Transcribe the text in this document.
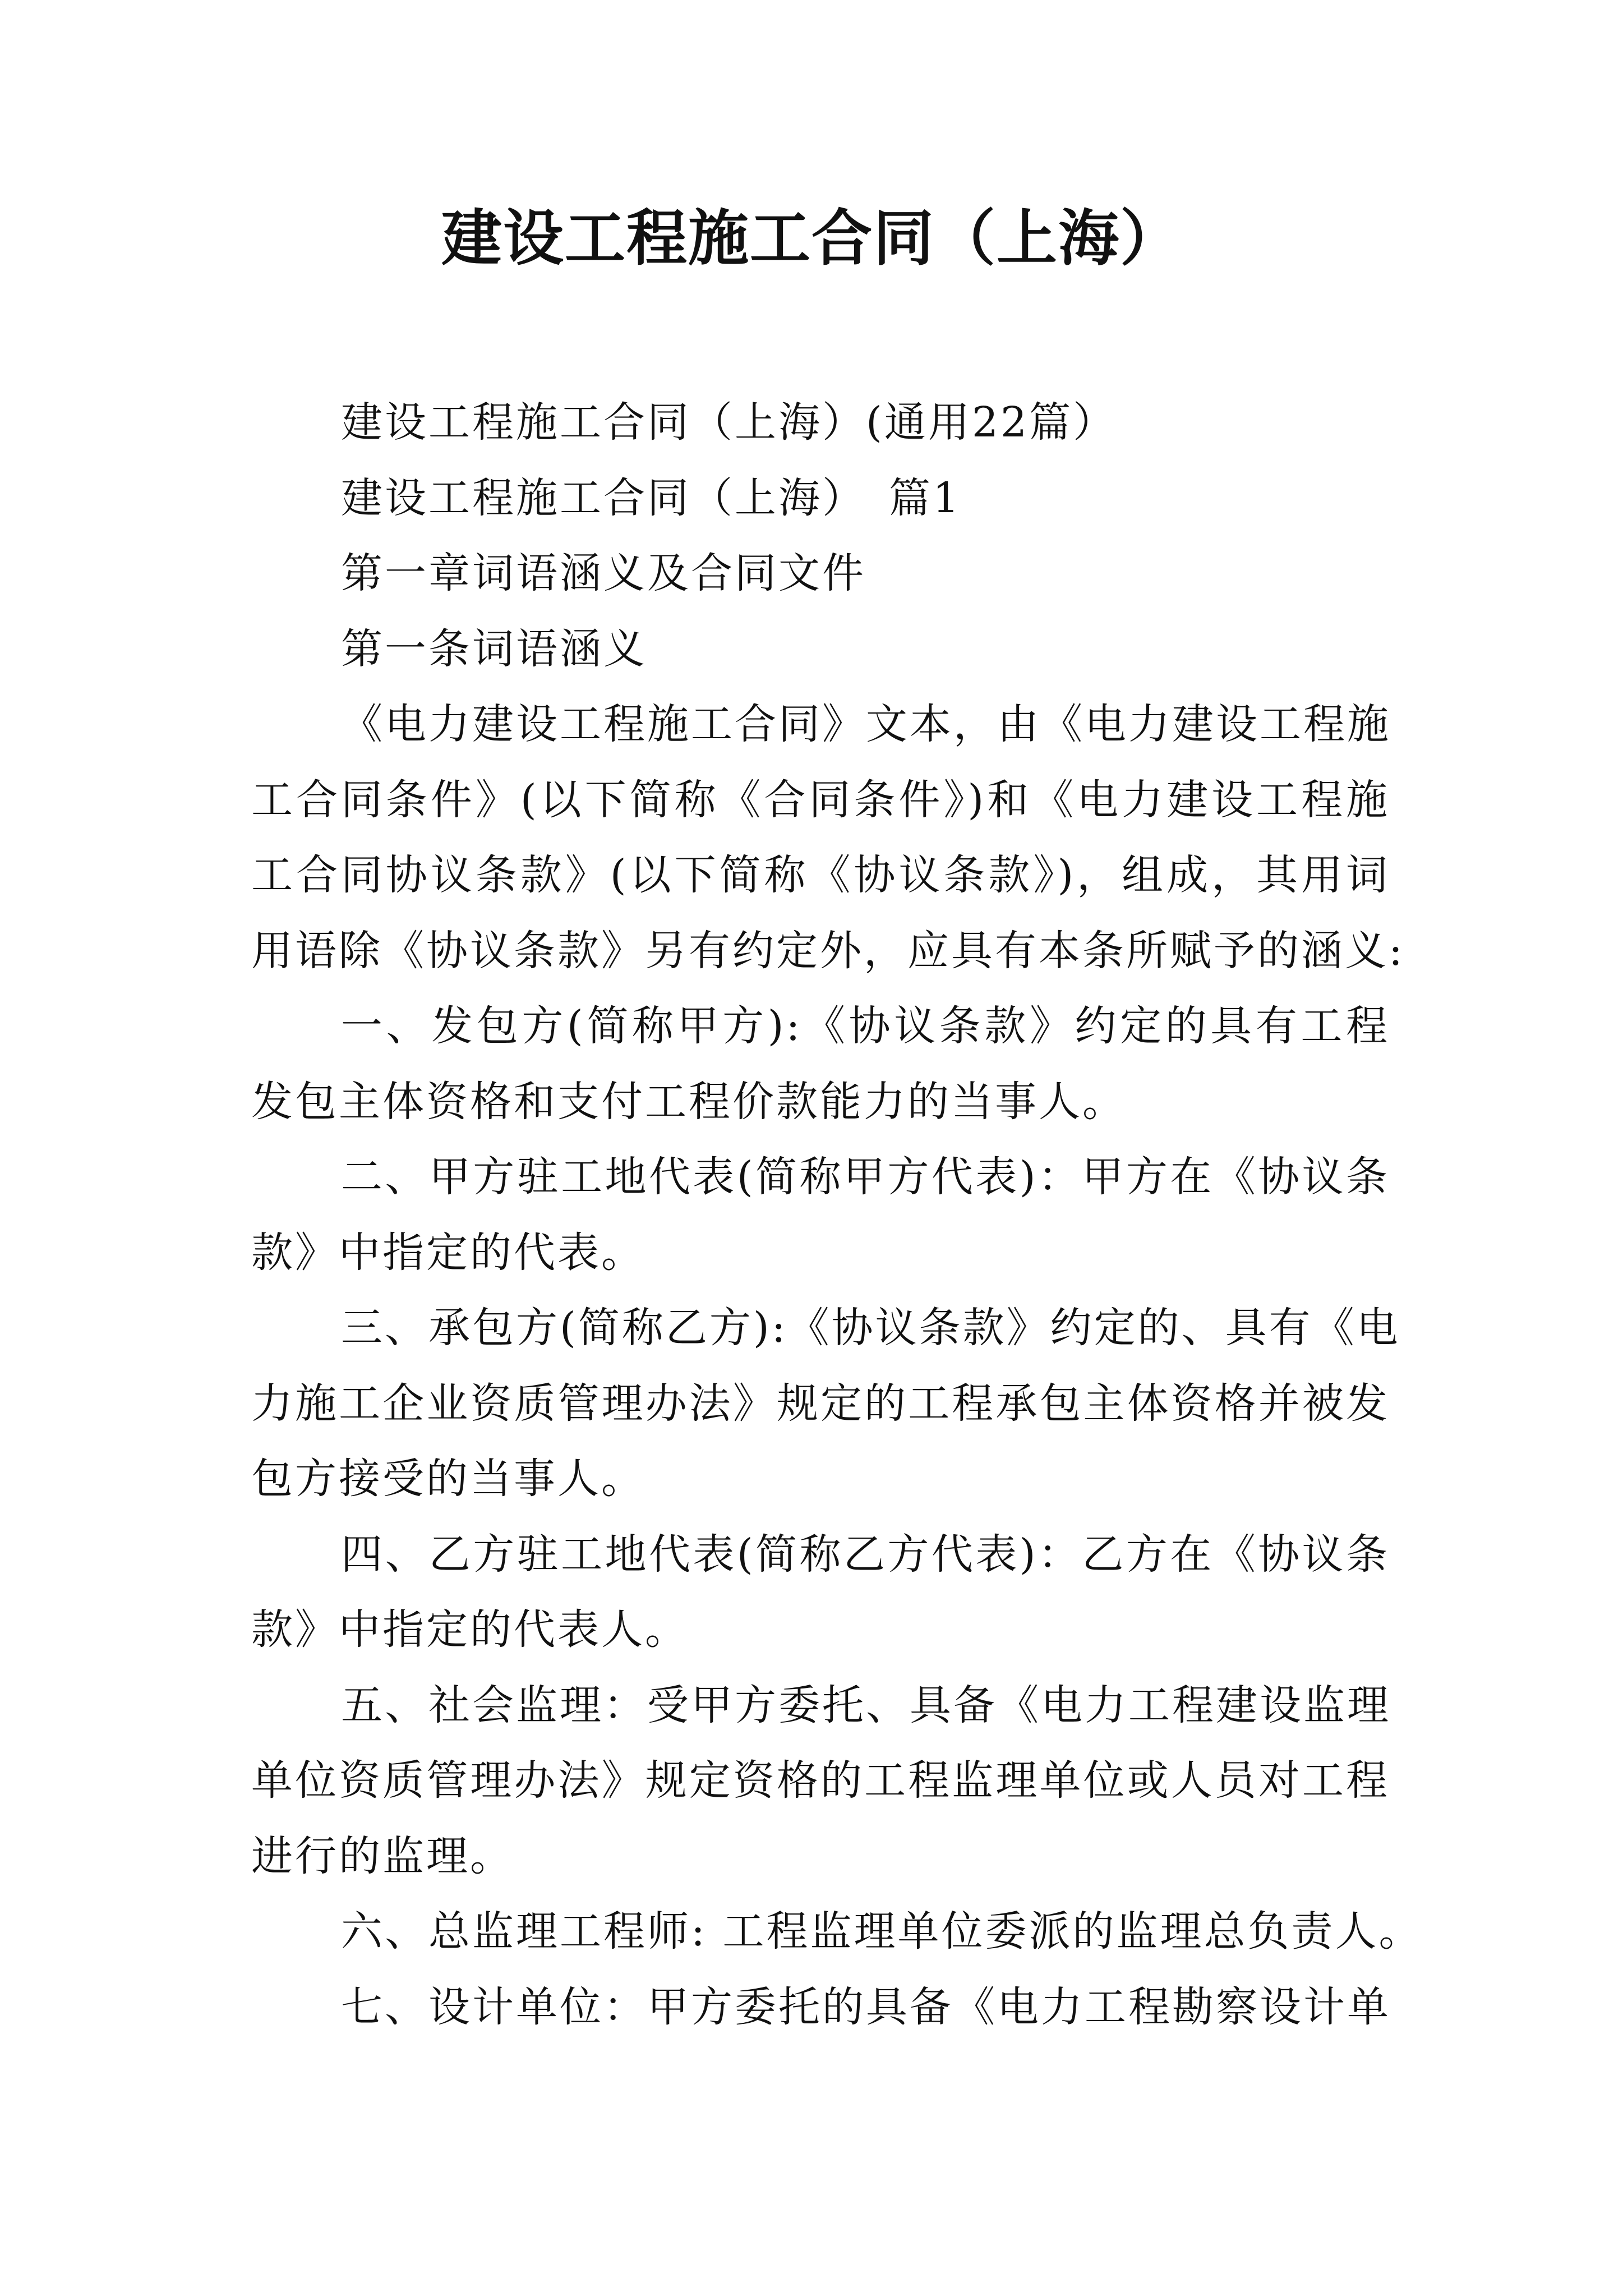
建设工程施工合同（上海）
建设工程施工合同（上海）(通用22篇）
建设工程施工合同（上海）　篇1
第一章词语涵义及合同文件
第一条词语涵义
《电力建设工程施工合同》文本，由《电力建设工程施
工合同条件》(以下简称《合同条件》)和《电力建设工程施
工合同协议条款》(以下简称《协议条款》)，组成，其用词
用语除《协议条款》另有约定外，应具有本条所赋予的涵义:
一、发包方(简称甲方):《协议条款》约定的具有工程
发包主体资格和支付工程价款能力的当事人。
二、甲方驻工地代表(简称甲方代表)：甲方在《协议条
款》中指定的代表。
三、承包方(简称乙方):《协议条款》约定的、具有《电
力施工企业资质管理办法》规定的工程承包主体资格并被发
包方接受的当事人。
四、乙方驻工地代表(简称乙方代表)：乙方在《协议条
款》中指定的代表人。
五、社会监理：受甲方委托、具备《电力工程建设监理
单位资质管理办法》规定资格的工程监理单位或人员对工程
进行的监理。
六、总监理工程师: 工程监理单位委派的监理总负责人。
七、设计单位：甲方委托的具备《电力工程勘察设计单
